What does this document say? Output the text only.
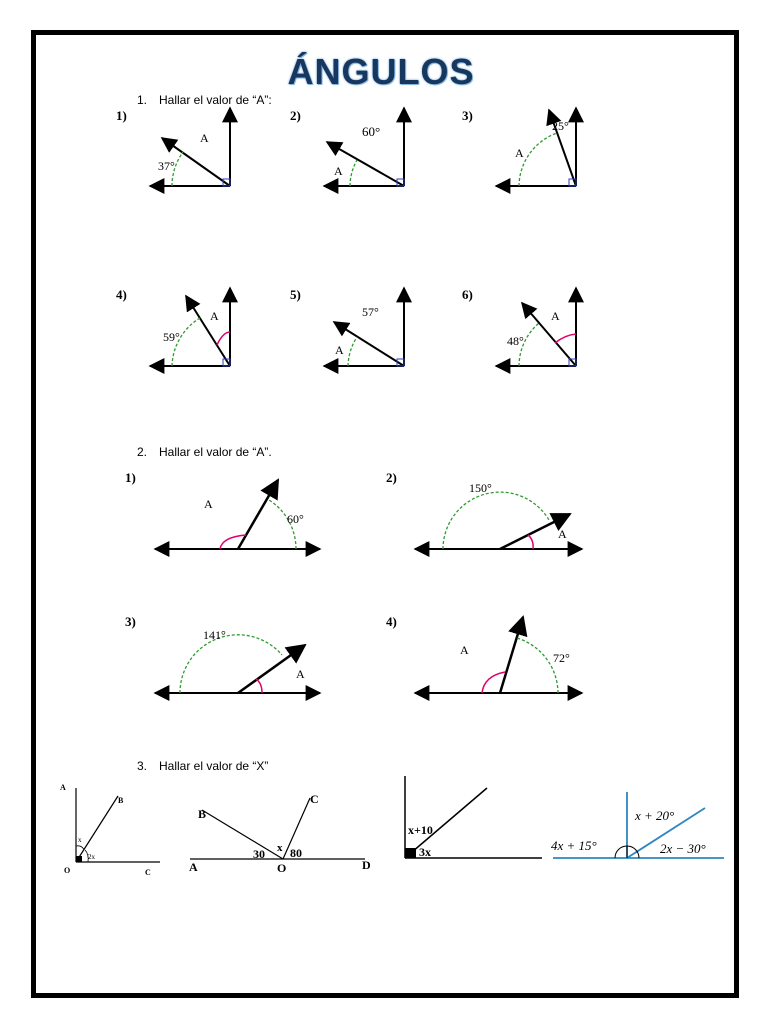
ÁNGULOS
1. Hallar el valor de “A”:
2. Hallar el valor de “A”.
3. Hallar el valor de “X”
1)
37°
A
2)
60°
A
3)
25°
A
4)
59°
A
5)
57°
A
6)
48°
A
1)
60°
A
2)
150°
A
3)
141°
A
4)
72°
A
A
B
O	C
x
2x
B
C
A	O	D
30 x 80
x+10
3x	4x + 15°
x + 20°
2x − 30°
